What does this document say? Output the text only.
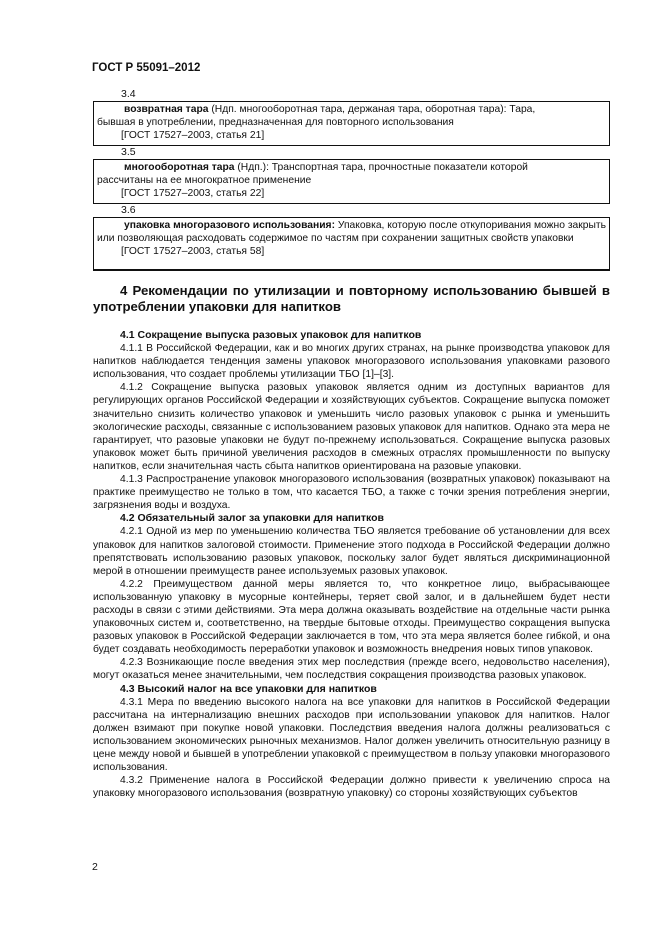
ГОСТ Р 55091–2012
3.4

возвратная тара (Ндп. многооборотная тара, держаная тара, оборотная тара): Тара,

бывшая в употреблении, предназначенная для повторного использования

[ГОСТ 17527–2003, статья 21]

3.5

многооборотная тара (Ндп.): Транспортная тара, прочностные показатели которой

рассчитаны на ее многократное применение

[ГОСТ 17527–2003, статья 22]

3.6

упаковка многоразового использования: Упаковка, которую после откупоривания можно закрыть или позволяющая расходовать содержимое по частям при сохранении защитных свойств упаковки

[ГОСТ 17527–2003, статья 58]

4 Рекомендации по утилизации и повторному использованию бывшей в употреблении упаковки для напитков

4.1 Сокращение выпуска разовых упаковок для напитков

4.1.1 В Российской Федерации, как и во многих других странах, на рынке производства упаковок для напитков наблюдается тенденция замены упаковок многоразового использования упаковками разового использования, что создает проблемы утилизации ТБО [1]–[3].

4.1.2 Сокращение выпуска разовых упаковок является одним из доступных вариантов для регулирующих органов Российской Федерации и хозяйствующих субъектов. Сокращение выпуска поможет значительно снизить количество упаковок и уменьшить число разовых упаковок с рынка и уменьшить экологические расходы, связанные с использованием разовых упаковок для напитков. Однако эта мера не гарантирует, что разовые упаковки не будут по-прежнему использоваться. Сокращение выпуска разовых упаковок может быть причиной увеличения расходов в смежных отраслях промышленности по выпуску напитков, если значительная часть сбыта напитков ориентирована на разовые упаковки.

4.1.3 Распространение упаковок многоразового использования (возвратных упаковок) показывают на практике преимущество не только в том, что касается ТБО, а также с точки зрения потребления энергии, загрязнения воды и воздуха.

4.2 Обязательный залог за упаковки для напитков

4.2.1 Одной из мер по уменьшению количества ТБО является требование об установлении для всех упаковок для напитков залоговой стоимости. Применение этого подхода в Российской Федерации должно препятствовать использованию разовых упаковок, поскольку залог будет являться дискриминационной мерой в отношении преимуществ ранее используемых разовых упаковок.

4.2.2 Преимуществом данной меры является то, что конкретное лицо, выбрасывающее использованную упаковку в мусорные контейнеры, теряет свой залог, и в дальнейшем будет нести расходы в связи с этими действиями. Эта мера должна оказывать воздействие на отдельные части рынка упаковочных систем и, соответственно, на твердые бытовые отходы. Преимущество сокращения выпуска разовых упаковок в Российской Федерации заключается в том, что эта мера является более гибкой, и она будет создавать необходимость переработки упаковок и возможность внедрения новых типов упаковок.

4.2.3 Возникающие после введения этих мер последствия (прежде всего, недовольство населения), могут оказаться менее значительными, чем последствия сокращения производства разовых упаковок.

4.3 Высокий налог на все упаковки для напитков

4.3.1 Мера по введению высокого налога на все упаковки для напитков в Российской Федерации рассчитана на интернализацию внешних расходов при использовании упаковок для напитков. Налог должен взимают при покупке новой упаковки. Последствия введения налога должны реализоваться с использованием экономических рыночных механизмов. Налог должен увеличить относительную разницу в цене между новой и бывшей в употреблении упаковкой с преимуществом в пользу упаковки многоразового использования.

4.3.2 Применение налога в Российской Федерации должно привести к увеличению спроса на упаковку многоразового использования (возвратную упаковку) со стороны хозяйствующих субъектов

2
